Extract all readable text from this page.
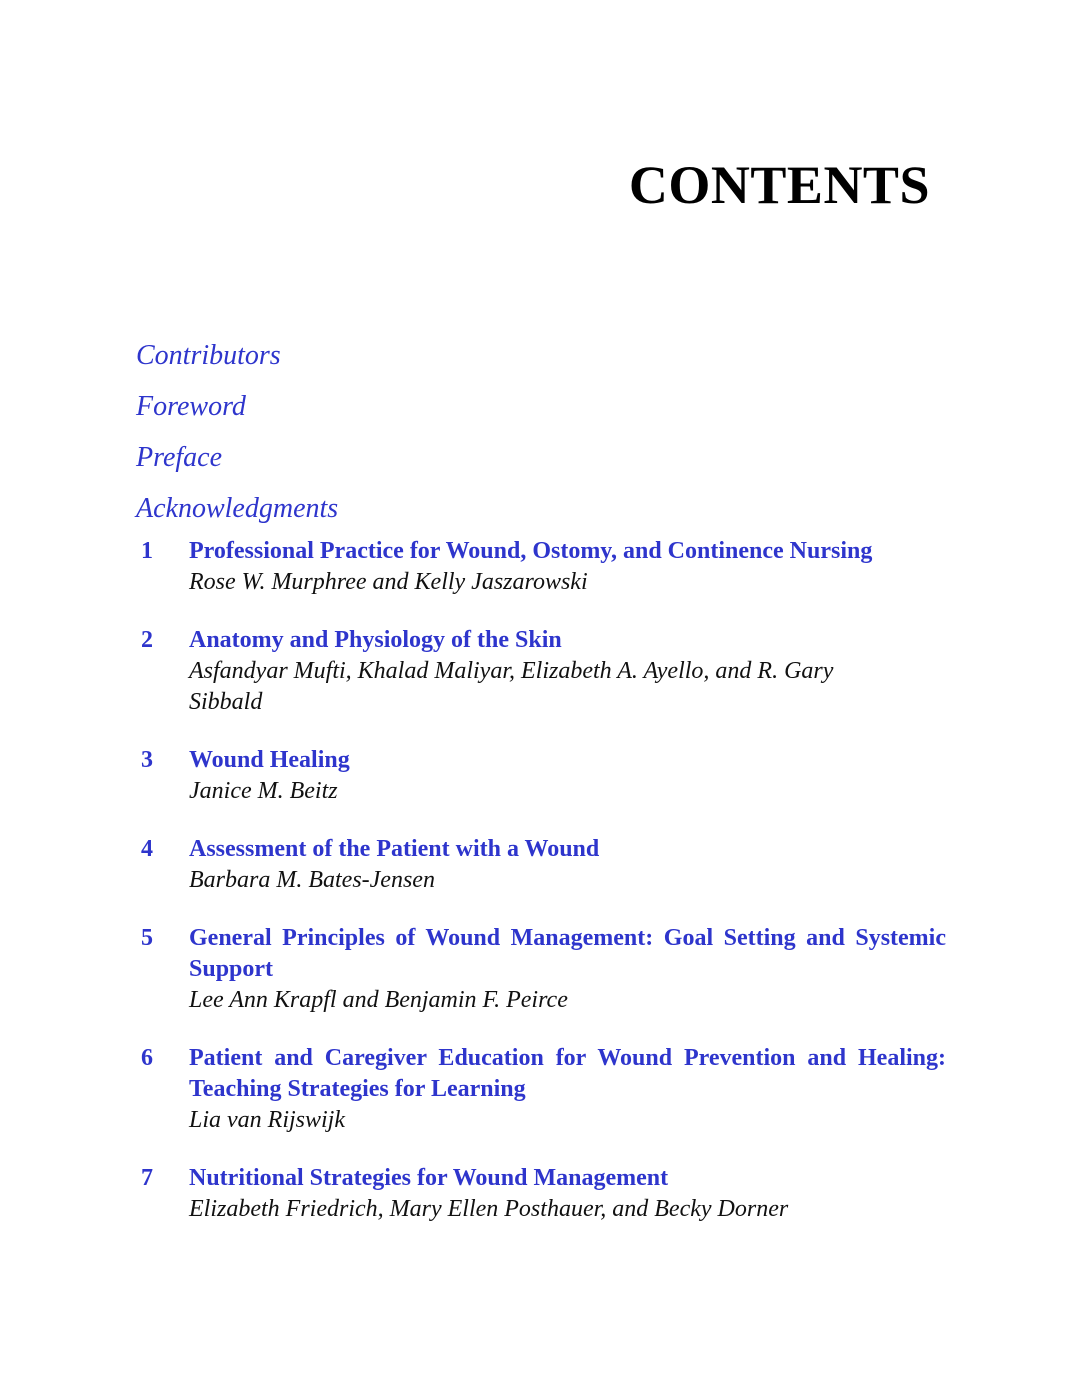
CONTENTS
Contributors
Foreword
Preface
Acknowledgments
1	Professional Practice for Wound, Ostomy, and Continence Nursing
Rose W. Murphree and Kelly Jaszarowski
2	Anatomy and Physiology of the Skin
Asfandyar Mufti, Khalad Maliyar, Elizabeth A. Ayello, and R. Gary Sibbald
3	Wound Healing
Janice M. Beitz
4	Assessment of the Patient with a Wound
Barbara M. Bates-Jensen
5	General Principles of Wound Management: Goal Setting and Systemic Support
Lee Ann Krapfl and Benjamin F. Peirce
6	Patient and Caregiver Education for Wound Prevention and Healing: Teaching Strategies for Learning
Lia van Rijswijk
7	Nutritional Strategies for Wound Management
Elizabeth Friedrich, Mary Ellen Posthauer, and Becky Dorner
